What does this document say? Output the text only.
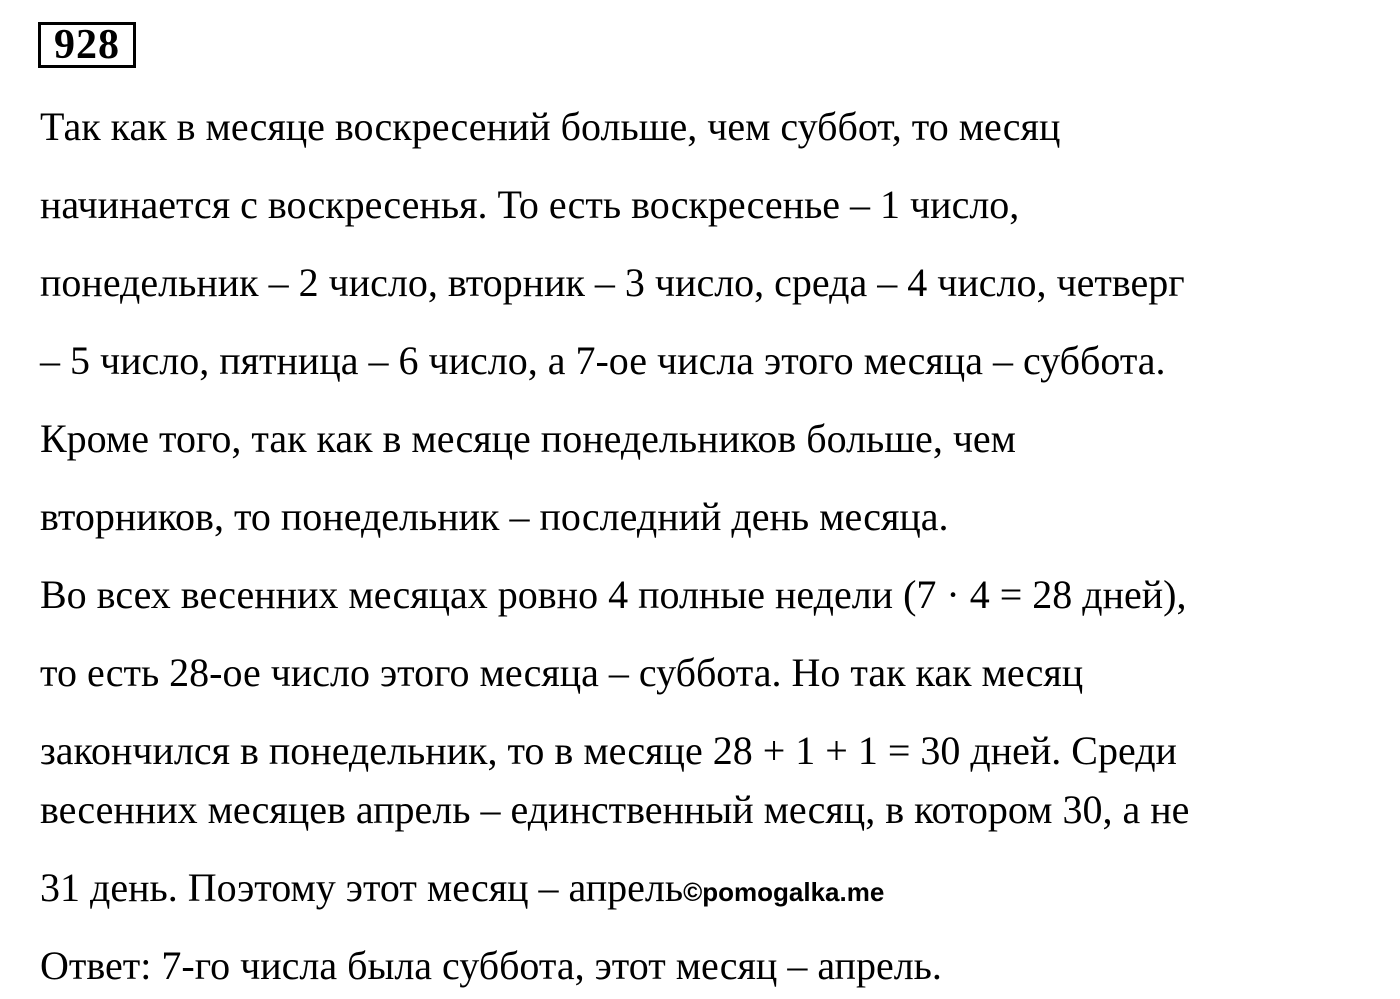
928
Так как в месяце воскресений больше, чем суббот, то месяц
начинается с воскресенья. То есть воскресенье – 1 число,
понедельник – 2 число, вторник – 3 число, среда – 4 число, четверг
– 5 число, пятница – 6 число, а 7-ое числа этого месяца – суббота.
Кроме того, так как в месяце понедельников больше, чем
вторников, то понедельник – последний день месяца.
Во всех весенних месяцах ровно 4 полные недели (7 · 4 = 28 дней),
то есть 28-ое число этого месяца – суббота. Но так как месяц
закончился в понедельник, то в месяце 28 + 1 + 1 = 30 дней. Среди
весенних месяцев апрель – единственный месяц, в котором 30, а не
31 день. Поэтому этот месяц – апрель©pomogalka.me
Ответ: 7-го числа была суббота, этот месяц – апрель.
